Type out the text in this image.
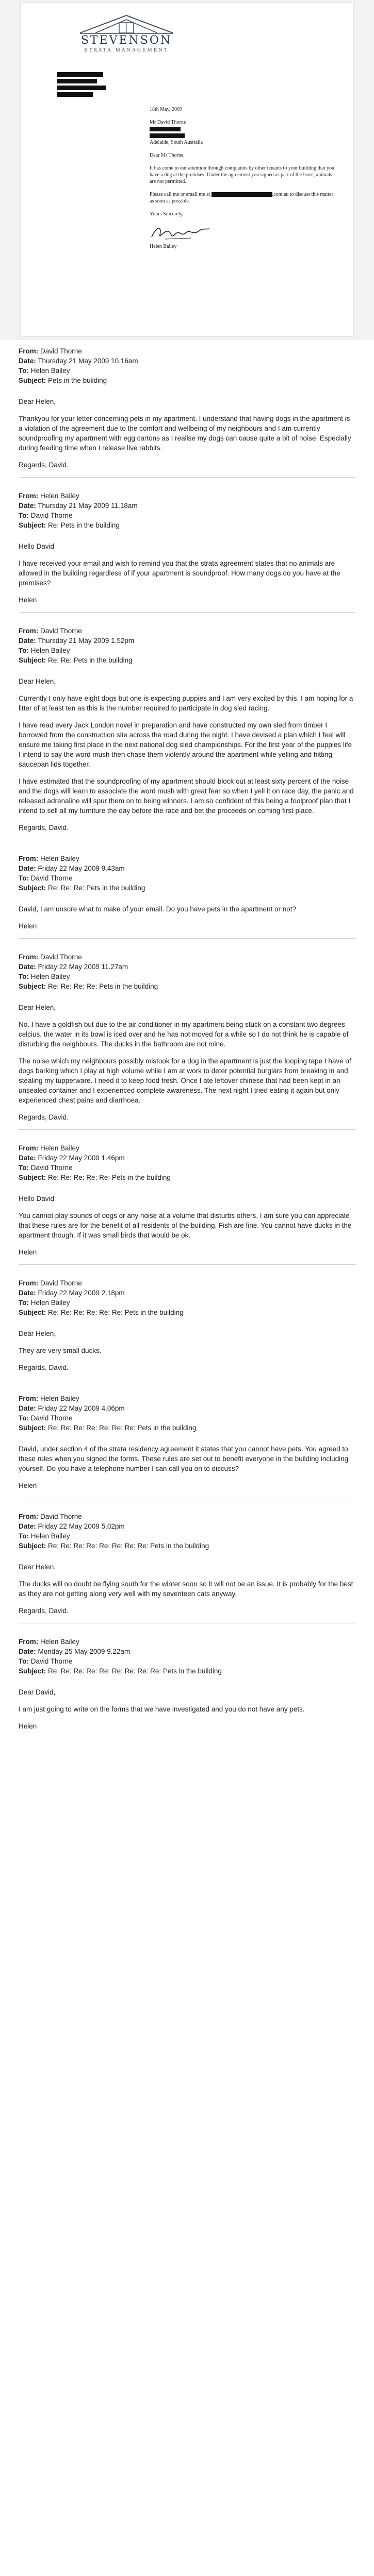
STEVENSON
STRATA MANAGEMENT

18th May, 2009

Mr David Thorne

Adelaide, South Australia

Dear Mr Thorne,

It has come to our attention through complaints by other tenants to your building that you have a dog at the premises. Under the agreement you signed as part of the lease, animals are not permitted.

Please call me or email me at	.com.au to discuss this matter as soon as possible.

Yours Sincerely,

Helen Bailey

From: David Thorne
Date: Thursday 21 May 2009 10.16am
To: Helen Bailey
Subject: Pets in the building

Dear Helen,

Thankyou for your letter concerning pets in my apartment. I understand that having dogs in the apartment is a violation of the agreement due to the comfort and wellbeing of my neighbours and I am currently soundproofing my apartment with egg cartons as I realise my dogs can cause quite a bit of noise. Especially during feeding time when I release live rabbits.

Regards, David.

From: Helen Bailey
Date: Thursday 21 May 2009 11.18am
To: David Thorne
Subject: Re: Pets in the building

Hello David

I have received your email and wish to remind you that the strata agreement states that no animals are allowed in the building regardless of if your apartment is soundproof. How many dogs do you have at the premises?

Helen

From: David Thorne
Date: Thursday 21 May 2009 1.52pm
To: Helen Bailey
Subject: Re: Re: Pets in the building

Dear Helen,

Currently I only have eight dogs but one is expecting puppies and I am very excited by this. I am hoping for a litter of at least ten as this is the number required to participate in dog sled racing.

I have read every Jack London novel in preparation and have constructed my own sled from timber I borrowed from the construction site across the road during the night. I have devised a plan which I feel will ensure me taking first place in the next national dog sled championships. For the first year of the puppies life I intend to say the word mush then chase them violently around the apartment while yelling and hitting saucepan lids together.

I have estimated that the soundproofing of my apartment should block out at least sixty percent of the noise and the dogs will learn to associate the word mush with great fear so when I yell it on race day, the panic and released adrenaline will spur them on to being winners. I am so confident of this being a foolproof plan that I intend to sell all my furniture the day before the race and bet the proceeds on coming first place.

Regards, David.

From: Helen Bailey
Date: Friday 22 May 2009 9.43am
To: David Thorne
Subject: Re: Re: Re: Pets in the building

David, I am unsure what to make of your email. Do you have pets in the apartment or not?

Helen

From: David Thorne
Date: Friday 22 May 2009 11.27am
To: Helen Bailey
Subject: Re: Re: Re: Re: Pets in the building

Dear Helen,

No. I have a goldfish but due to the air conditioner in my apartment being stuck on a constant two degrees celcius, the water in its bowl is iced over and he has not moved for a while so I do not think he is capable of disturbing the neighbours. The ducks in the bathroom are not mine.

The noise which my neighbours possibly mistook for a dog in the apartment is just the looping tape I have of dogs barking which I play at high volume while I am at work to deter potential burglars from breaking in and stealing my tupperware. I need it to keep food fresh. Once I ate leftover chinese that had been kept in an unsealed container and I experienced complete awareness. The next night I tried eating it again but only experienced chest pains and diarrhoea.

Regards, David.

From: Helen Bailey
Date: Friday 22 May 2009 1.46pm
To: David Thorne
Subject: Re: Re: Re: Re: Re: Pets in the building

Hello David

You cannot play sounds of dogs or any noise at a volume that disturbs others. I am sure you can appreciate that these rules are for the benefit of all residents of the building. Fish are fine. You cannot have ducks in the apartment though. If it was small birds that would be ok.

Helen

From: David Thorne
Date: Friday 22 May 2009 2.18pm
To: Helen Bailey
Subject: Re: Re: Re: Re: Re: Re: Pets in the building

Dear Helen,

They are very small ducks.

Regards, David.

From: Helen Bailey
Date: Friday 22 May 2009 4.06pm
To: David Thorne
Subject: Re: Re: Re: Re: Re: Re: Re: Pets in the building

David, under section 4 of the strata residency agreement it states that you cannot have pets. You agreed to these rules when you signed the forms. These rules are set out to benefit everyone in the building including yourself. Do you have a telephone number I can call you on to discuss?

Helen

From: David Thorne
Date: Friday 22 May 2009 5.02pm
To: Helen Bailey
Subject: Re: Re: Re: Re: Re: Re: Re: Re: Pets in the building

Dear Helen,

The ducks will no doubt be flying south for the winter soon so it will not be an issue. It is probably for the best as they are not getting along very well with my seventeen cats anyway.

Regards, David.

From: Helen Bailey
Date: Monday 25 May 2009 9.22am
To: David Thorne
Subject: Re: Re: Re: Re: Re: Re: Re: Re: Re: Pets in the building

Dear David,

I am just going to write on the forms that we have investigated and you do not have any pets.

Helen
